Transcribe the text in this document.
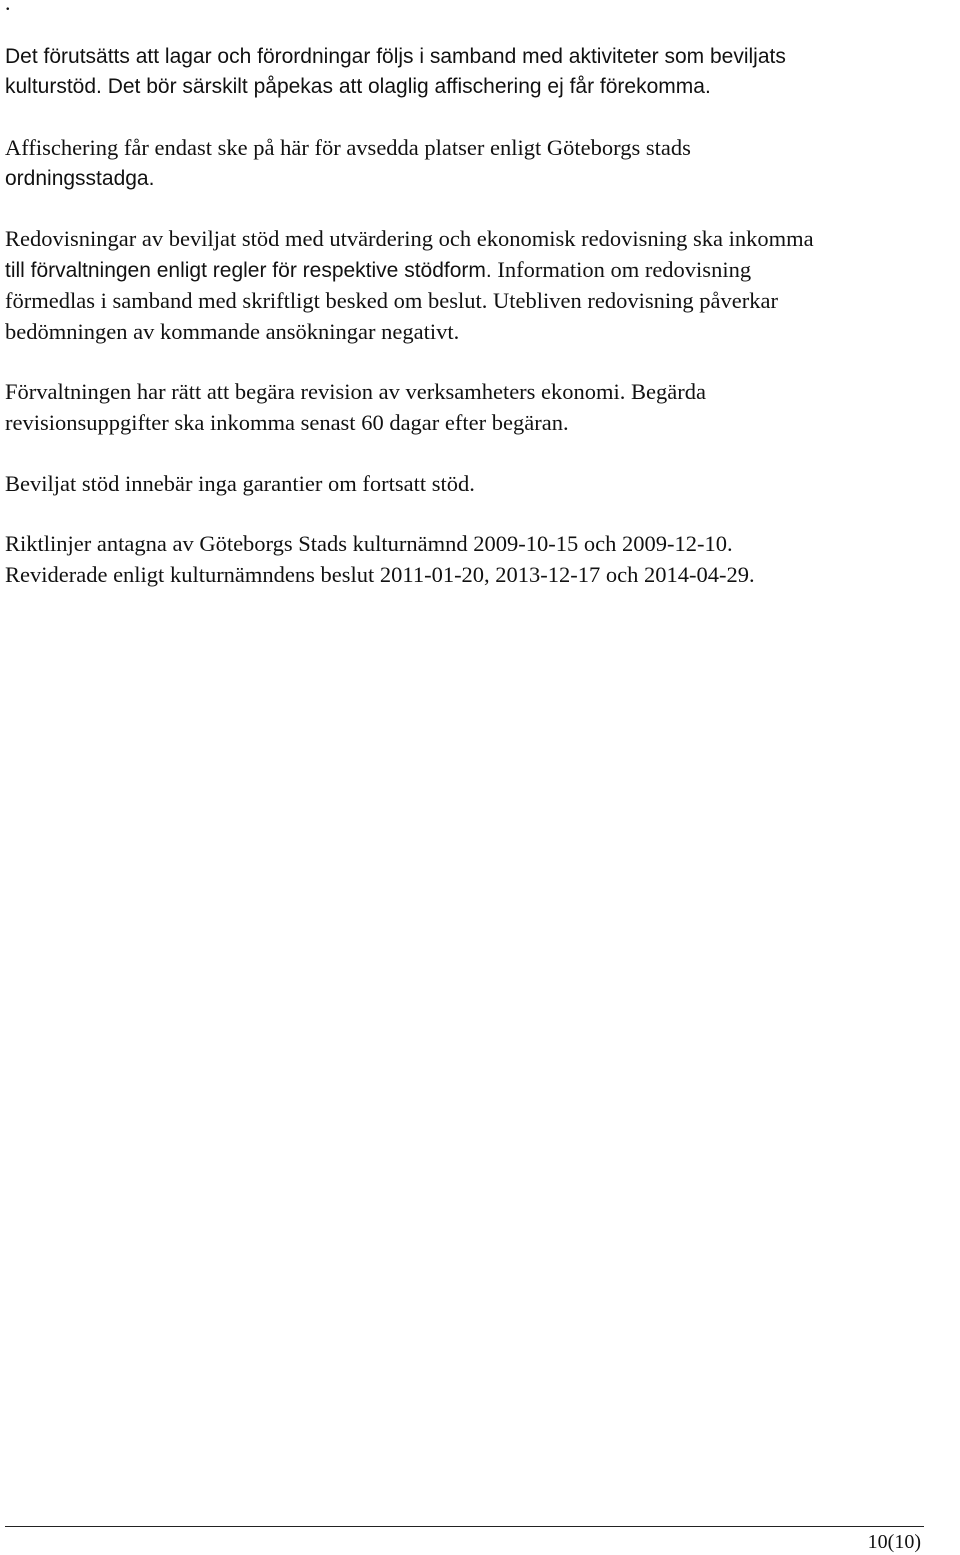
.

Det förutsätts att lagar och förordningar följs i samband med aktiviteter som beviljats
kulturstöd. Det bör särskilt påpekas att olaglig affischering ej får förekomma.

Affischering får endast ske på här för avsedda platser enligt Göteborgs stads
ordningsstadga.

Redovisningar av beviljat stöd med utvärdering och ekonomisk redovisning ska inkomma
till förvaltningen enligt regler för respektive stödform. Information om redovisning
förmedlas i samband med skriftligt besked om beslut. Utebliven redovisning påverkar
bedömningen av kommande ansökningar negativt.

Förvaltningen har rätt att begära revision av verksamheters ekonomi. Begärda
revisionsuppgifter ska inkomma senast 60 dagar efter begäran.

Beviljat stöd innebär inga garantier om fortsatt stöd.

Riktlinjer antagna av Göteborgs Stads kulturnämnd 2009-10-15 och 2009-12-10.
Reviderade enligt kulturnämndens beslut 2011-01-20, 2013-12-17 och 2014-04-29.

10(10)
